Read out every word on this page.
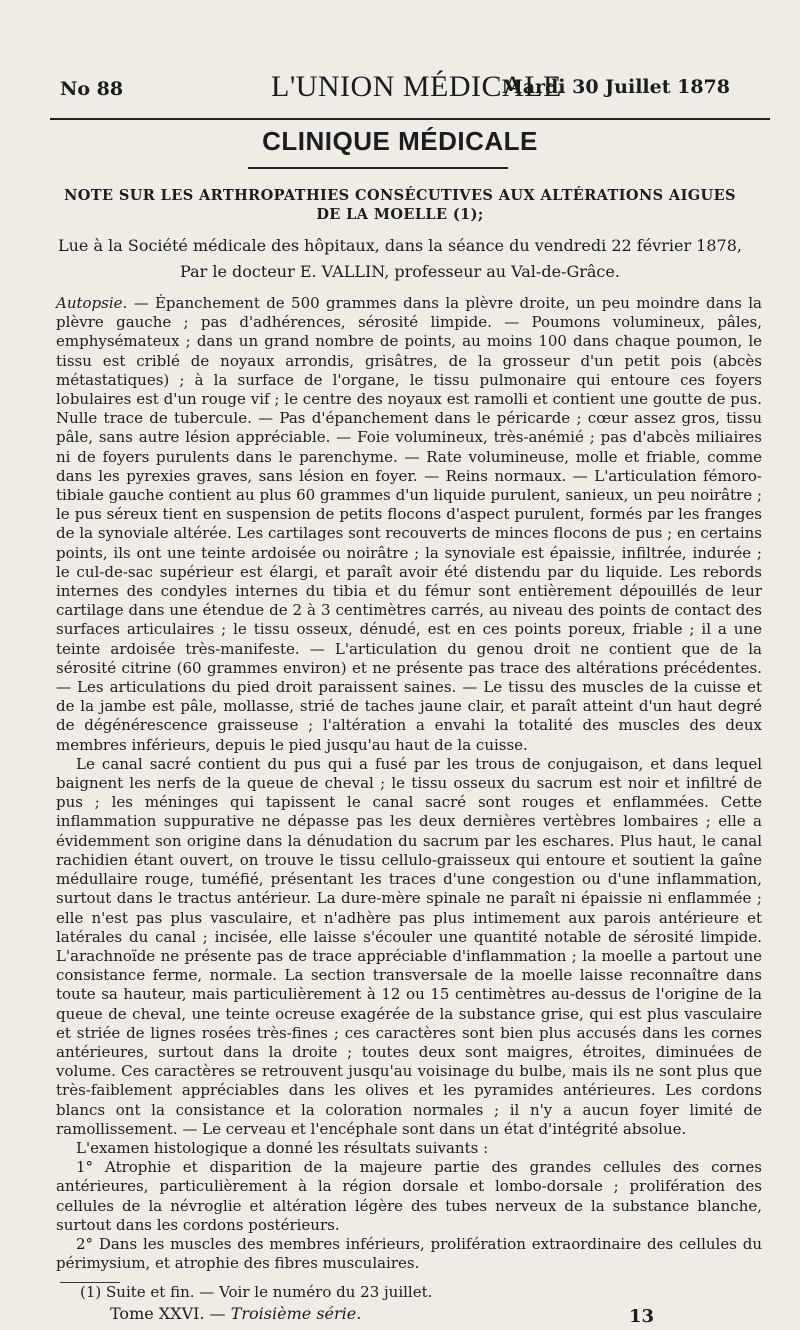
No 88	L'UNION MÉDICALE
Mardi 30 Juillet 1878
CLINIQUE MÉDICALE
NOTE SUR LES ARTHROPATHIES CONSÉCUTIVES AUX ALTÉRATIONS AIGUES DE LA MOELLE (1);
Lue à la Société médicale des hôpitaux, dans la séance du vendredi 22 février 1878,
Par le docteur E. VALLIN, professeur au Val-de-Grâce.

Autopsie. — Épanchement de 500 grammes dans la plèvre droite, un peu moindre dans la plèvre gauche ; pas d'adhérences, sérosité limpide. — Poumons volumineux, pâles, emphysémateux ; dans un grand nombre de points, au moins 100 dans chaque poumon, le tissu est criblé de noyaux arrondis, grisâtres, de la grosseur d'un petit pois (abcès métastatiques) ; à la surface de l'organe, le tissu pulmonaire qui entoure ces foyers lobulaires est d'un rouge vif ; le centre des noyaux est ramolli et contient une goutte de pus. Nulle trace de tubercule. — Pas d'épanchement dans le péricarde ; cœur assez gros, tissu pâle, sans autre lésion appréciable. — Foie volumineux, très-anémié ; pas d'abcès miliaires ni de foyers purulents dans le parenchyme. — Rate volumineuse, molle et friable, comme dans les pyrexies graves, sans lésion en foyer. — Reins normaux. — L'articulation fémoro-tibiale gauche contient au plus 60 grammes d'un liquide purulent, sanieux, un peu noirâtre ; le pus séreux tient en suspension de petits flocons d'aspect purulent, formés par les franges de la synoviale altérée. Les cartilages sont recouverts de minces flocons de pus ; en certains points, ils ont une teinte ardoisée ou noirâtre ; la synoviale est épaissie, infiltrée, indurée ; le cul-de-sac supérieur est élargi, et paraît avoir été distendu par du liquide. Les rebords internes des condyles internes du tibia et du fémur sont entièrement dépouillés de leur cartilage dans une étendue de 2 à 3 centimètres carrés, au niveau des points de contact des surfaces articulaires ; le tissu osseux, dénudé, est en ces points poreux, friable ; il a une teinte ardoisée très-manifeste. — L'articulation du genou droit ne contient que de la sérosité citrine (60 grammes environ) et ne présente pas trace des altérations précédentes. — Les articulations du pied droit paraissent saines. — Le tissu des muscles de la cuisse et de la jambe est pâle, mollasse, strié de taches jaune clair, et paraît atteint d'un haut degré de dégénérescence graisseuse ; l'altération a envahi la totalité des muscles des deux membres inférieurs, depuis le pied jusqu'au haut de la cuisse.

Le canal sacré contient du pus qui a fusé par les trous de conjugaison, et dans lequel baignent les nerfs de la queue de cheval ; le tissu osseux du sacrum est noir et infiltré de pus ; les méninges qui tapissent le canal sacré sont rouges et enflammées. Cette inflammation suppurative ne dépasse pas les deux dernières vertèbres lombaires ; elle a évidemment son origine dans la dénudation du sacrum par les eschares. Plus haut, le canal rachidien étant ouvert, on trouve le tissu cellulo-graisseux qui entoure et soutient la gaîne médullaire rouge, tuméfié, présentant les traces d'une congestion ou d'une inflammation, surtout dans le tractus antérieur. La dure-mère spinale ne paraît ni épaissie ni enflammée ; elle n'est pas plus vasculaire, et n'adhère pas plus intimement aux parois antérieure et latérales du canal ; incisée, elle laisse s'écouler une quantité notable de sérosité limpide. L'arachnoïde ne présente pas de trace appréciable d'inflammation ; la moelle a partout une consistance ferme, normale. La section transversale de la moelle laisse reconnaître dans toute sa hauteur, mais particulièrement à 12 ou 15 centimètres au-dessus de l'origine de la queue de cheval, une teinte ocreuse exagérée de la substance grise, qui est plus vasculaire et striée de lignes rosées très-fines ; ces caractères sont bien plus accusés dans les cornes antérieures, surtout dans la droite ; toutes deux sont maigres, étroites, diminuées de volume. Ces caractères se retrouvent jusqu'au voisinage du bulbe, mais ils ne sont plus que très-faiblement appréciables dans les olives et les pyramides antérieures. Les cordons blancs ont la consistance et la coloration normales ; il n'y a aucun foyer limité de ramollissement. — Le cerveau et l'encéphale sont dans un état d'intégrité absolue.

L'examen histologique a donné les résultats suivants :

1° Atrophie et disparition de la majeure partie des grandes cellules des cornes antérieures, particulièrement à la région dorsale et lombo-dorsale ; prolifération des cellules de la névroglie et altération légère des tubes nerveux de la substance blanche, surtout dans les cordons postérieurs.

2° Dans les muscles des membres inférieurs, prolifération extraordinaire des cellules du périmysium, et atrophie des fibres musculaires.

(1) Suite et fin. — Voir le numéro du 23 juillet.
Tome XXVI. — Troisième série.	13
